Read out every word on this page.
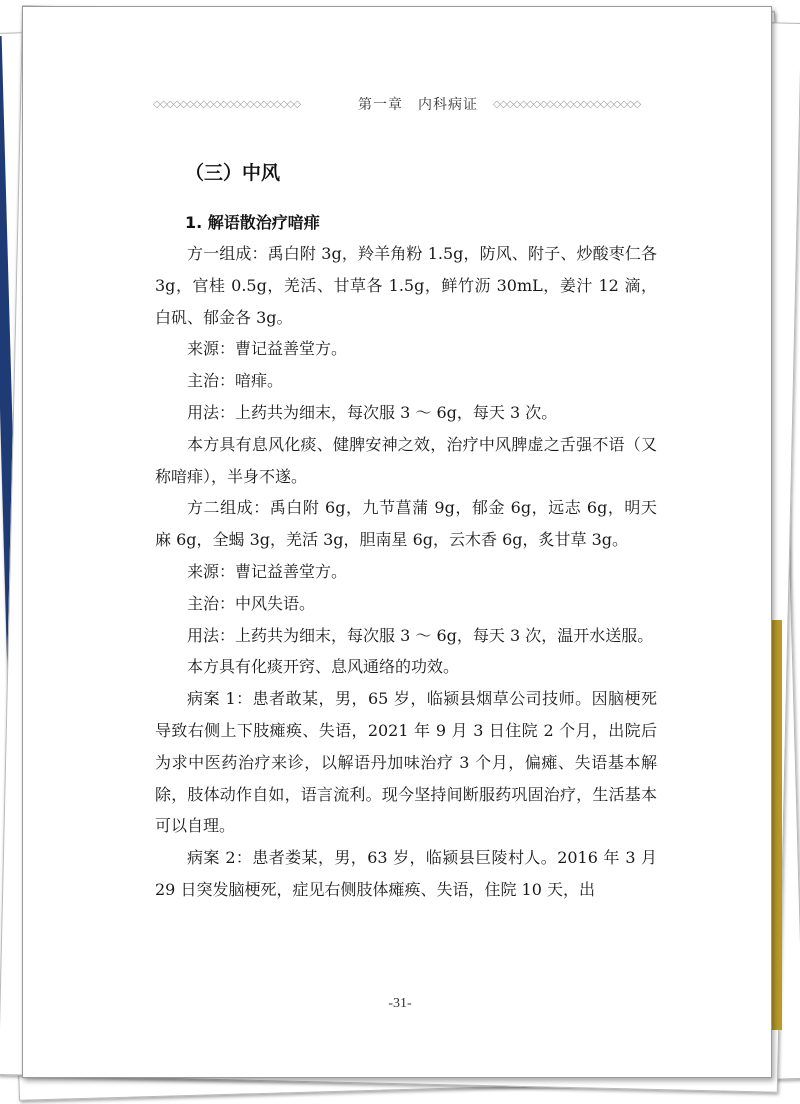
◇◇◇◇◇◇◇◇◇◇◇◇◇◇◇◇◇◇◇◇◇◇	第一章　内科病证 ◇◇◇◇◇◇◇◇◇◇◇◇◇◇◇◇◇◇◇◇◇◇
（三）中风
1. 解语散治疗喑痱

方一组成：禹白附 3g，羚羊角粉 1.5g，防风、附子、炒酸枣仁各 3g，官桂 0.5g，羌活、甘草各 1.5g，鲜竹沥 30mL，姜汁 12 滴，白矾、郁金各 3g。

来源：曹记益善堂方。

主治：喑痱。

用法：上药共为细末，每次服 3 ～ 6g，每天 3 次。

本方具有息风化痰、健脾安神之效，治疗中风脾虚之舌强不语（又称喑痱），半身不遂。

方二组成：禹白附 6g，九节菖蒲 9g，郁金 6g，远志 6g，明天麻 6g，全蝎 3g，羌活 3g，胆南星 6g，云木香 6g，炙甘草 3g。

来源：曹记益善堂方。

主治：中风失语。

用法：上药共为细末，每次服 3 ～ 6g，每天 3 次，温开水送服。

本方具有化痰开窍、息风通络的功效。

病案 1：患者敢某，男，65 岁，临颍县烟草公司技师。因脑梗死导致右侧上下肢瘫痪、失语，2021 年 9 月 3 日住院 2 个月，出院后为求中医药治疗来诊，以解语丹加味治疗 3 个月，偏瘫、失语基本解除，肢体动作自如，语言流利。现今坚持间断服药巩固治疗，生活基本可以自理。

病案 2：患者娄某，男，63 岁，临颍县巨陵村人。2016 年 3 月 29 日突发脑梗死，症见右侧肢体瘫痪、失语，住院 10 天，出

-31-
